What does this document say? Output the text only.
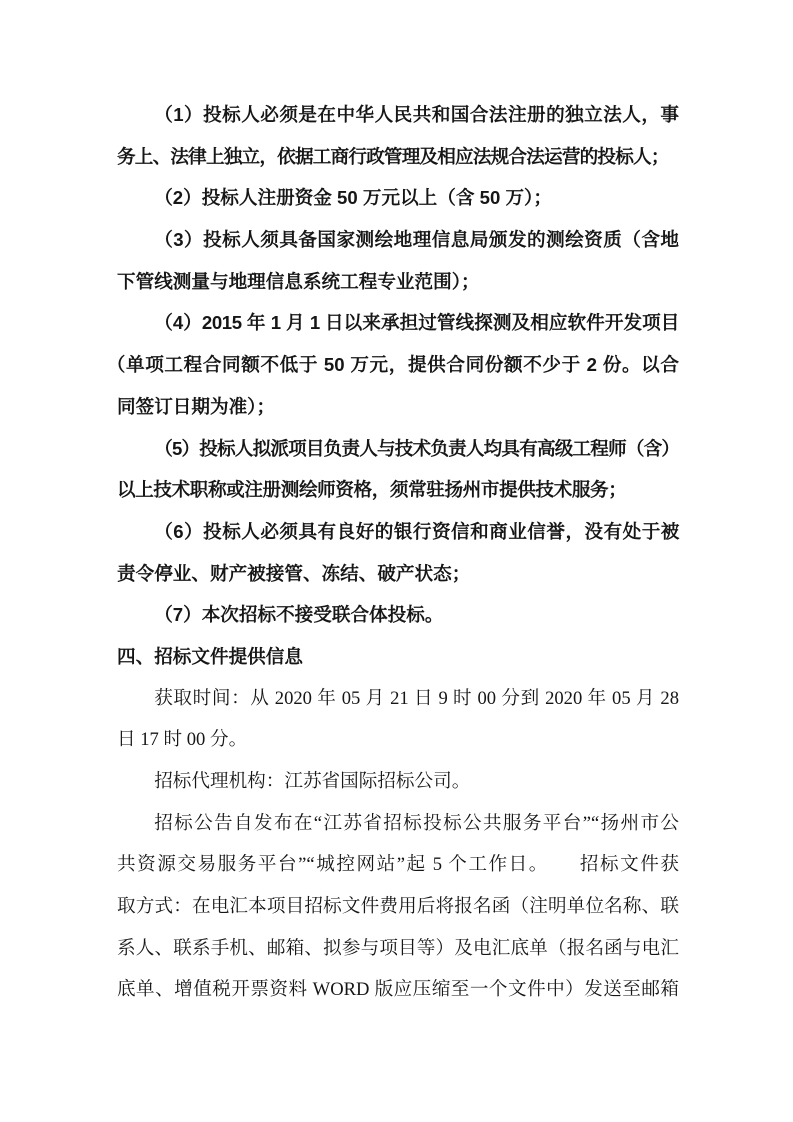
（1）投标人必须是在中华人民共和国合法注册的独立法人，事
务上、法律上独立，依据工商行政管理及相应法规合法运营的投标人；
（2）投标人注册资金 50 万元以上（含 50 万）；
（3）投标人须具备国家测绘地理信息局颁发的测绘资质（含地
下管线测量与地理信息系统工程专业范围）；
（4）2015 年 1 月 1 日以来承担过管线探测及相应软件开发项目
（单项工程合同额不低于 50 万元，提供合同份额不少于 2 份。以合
同签订日期为准）；
（5）投标人拟派项目负责人与技术负责人均具有高级工程师（含）
以上技术职称或注册测绘师资格，须常驻扬州市提供技术服务；
（6）投标人必须具有良好的银行资信和商业信誉，没有处于被
责令停业、财产被接管、冻结、破产状态；
（7）本次招标不接受联合体投标。
四、招标文件提供信息
获取时间：从 2020 年 05 月 21 日 9 时 00 分到 2020 年 05 月 28
日 17 时 00 分。
招标代理机构：江苏省国际招标公司。
招标公告自发布在“江苏省招标投标公共服务平台”“扬州市公
共资源交易服务平台”“城控网站”起 5 个工作日。　　招标文件获
取方式：在电汇本项目招标文件费用后将报名函（注明单位名称、联
系人、联系手机、邮箱、拟参与项目等）及电汇底单（报名函与电汇
底单、增值税开票资料 WORD 版应压缩至一个文件中）发送至邮箱
